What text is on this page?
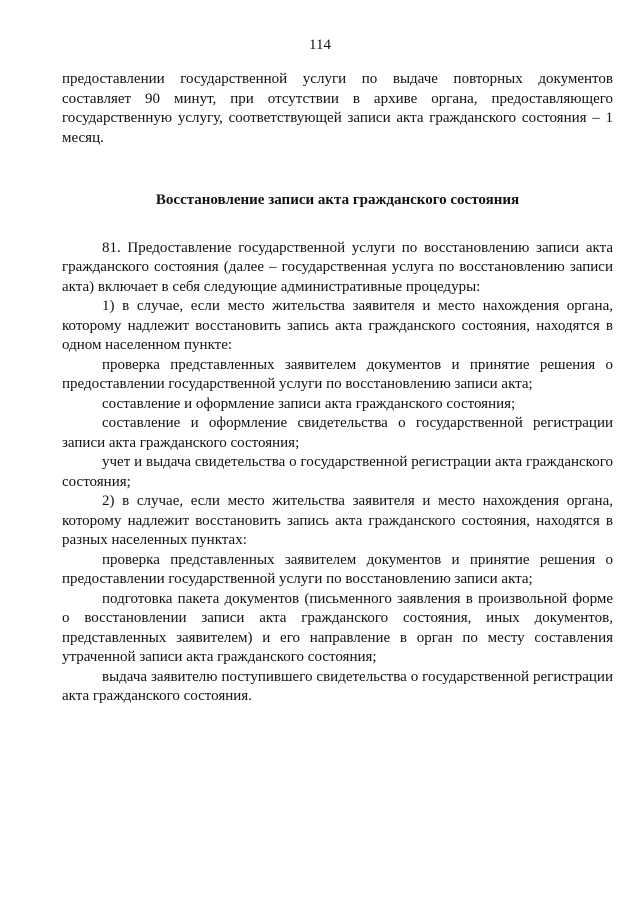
114

предоставлении государственной услуги по выдаче повторных документов составляет 90 минут, при отсутствии в архиве органа, предоставляющего государственную услугу, соответствующей записи акта гражданского состояния – 1 месяц.

Восстановление записи акта гражданского состояния

81. Предоставление государственной услуги по восстановлению записи акта гражданского состояния (далее – государственная услуга по восстановлению записи акта) включает в себя следующие административные процедуры:

1) в случае, если место жительства заявителя и место нахождения органа, которому надлежит восстановить запись акта гражданского состояния, находятся в одном населенном пункте:

проверка представленных заявителем документов и принятие решения о предоставлении государственной услуги по восстановлению записи акта;

составление и оформление записи акта гражданского состояния;

составление и оформление свидетельства о государственной регистрации записи акта гражданского состояния;

учет и выдача свидетельства о государственной регистрации акта гражданского состояния;

2) в случае, если место жительства заявителя и место нахождения органа, которому надлежит восстановить запись акта гражданского состояния, находятся в разных населенных пунктах:

проверка представленных заявителем документов и принятие решения о предоставлении государственной услуги по восстановлению записи акта;

подготовка пакета документов (письменного заявления в произвольной форме о восстановлении записи акта гражданского состояния, иных документов, представленных заявителем) и его направление в орган по месту составления утраченной записи акта гражданского состояния;

выдача заявителю поступившего свидетельства о государственной регистрации акта гражданского состояния.
